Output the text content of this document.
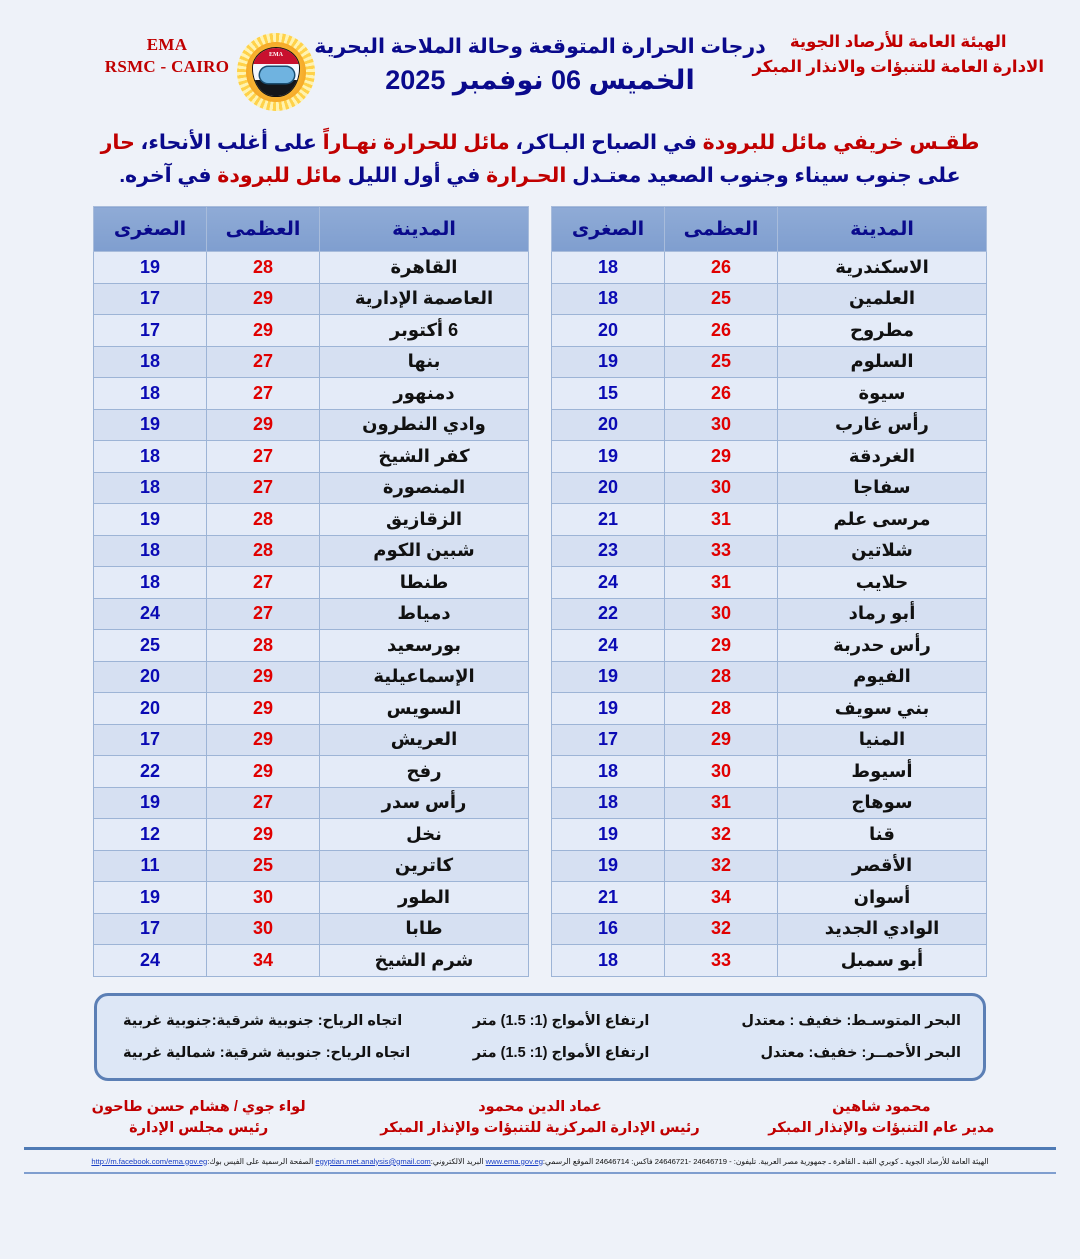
EMA
RSMC - CAIRO
EMA	درجات الحرارة المتوقعة وحالة الملاحة البحرية
الخميس 06 نوفمبر 2025
الهيئة العامة للأرصاد الجوية
الادارة العامة للتنبؤات والانذار المبكر
طقـس خريفي مائل للبرودة في الصباح البـاكر، مائل للحرارة نهـاراً على أغلب الأنحاء، حار على جنوب سيناء وجنوب الصعيد معتـدل الحـرارة في أول الليل مائل للبرودة في آخره.
المدينة	العظمى	الصغرى
القاهرة	28	19
العاصمة الإدارية	29	17
6 أكتوبر	29	17
بنها	27	18
دمنهور	27	18
وادي النطرون	29	19
كفر الشيخ	27	18
المنصورة	27	18
الزقازيق	28	19
شبين الكوم	28	18
طنطا	27	18
دمياط	27	24
بورسعيد	28	25
الإسماعيلية	29	20
السويس	29	20
العريش	29	17
رفح	29	22
رأس سدر	27	19
نخل	29	12
كاترين	25	11
الطور	30	19
طابا	30	17
شرم الشيخ	34	24
المدينة	العظمى	الصغرى
الاسكندرية	26	18
العلمين	25	18
مطروح	26	20
السلوم	25	19
سيوة	26	15
رأس غارب	30	20
الغردقة	29	19
سفاجا	30	20
مرسى علم	31	21
شلاتين	33	23
حلايب	31	24
أبو رماد	30	22
رأس حدربة	29	24
الفيوم	28	19
بني سويف	28	19
المنيا	29	17
أسيوط	30	18
سوهاج	31	18
قنا	32	19
الأقصر	32	19
أسوان	34	21
الوادي الجديد	32	16
أبو سمبل	33	18
البحر المتوسـط: خفيف : معتدل
ارتفاع الأمواج (1: 1.5) متر
اتجاه الرياح: جنوبية شرقية:جنوبية غربية
البحر الأحمــر: خفيف: معتدل
ارتفاع الأمواج (1: 1.5) متر
اتجاه الرياح: جنوبية شرقية: شمالية غربية
محمود شاهين
مدير عام التنبؤات والإنذار المبكر
عماد الدين محمود
رئيس الإدارة المركزية للتنبؤات والإنذار المبكر
لواء جوي / هشام حسن طاحون
رئيس مجلس الإدارة
الهيئة العامة للأرصاد الجوية ـ كوبري القبة ـ القاهرة ـ جمهورية مصر العربية. تليفون: - 24646719 -24646721 فاكس: 24646714 الموقع الرسمي:www.ema.gov.eg البريد الالكتروني:egyptian.met.analysis@gmail.com الصفحة الرسمية على الفيس بوك:http://m.facebook.com/ema.gov.eg
